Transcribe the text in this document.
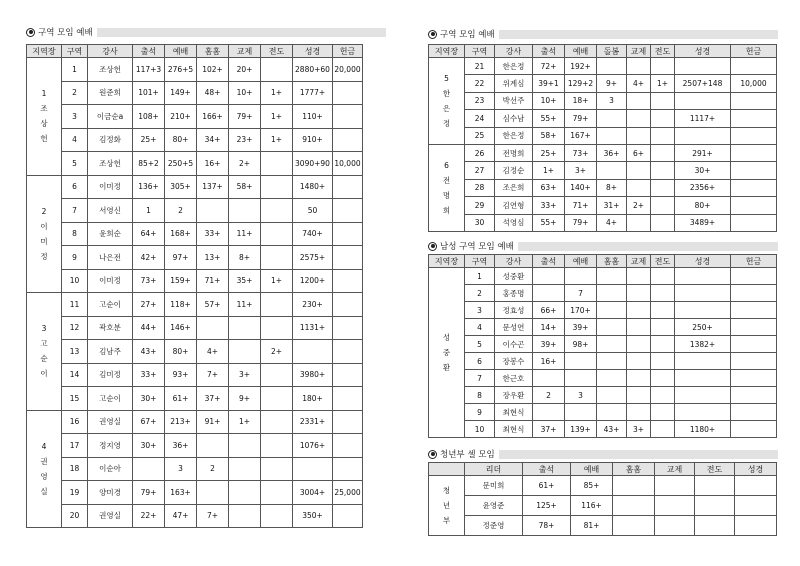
구역 모임 예배
지역장	구역	강사	출석	예배	홈홈	교제	전도	성경	헌금

1
조
상
헌	1	조상헌	117+3	276+5	102+	20+		2880+60	20,000
	2	원준희	101+	149+	48+	10+	1+	1777+	
	3	이금순a	108+	210+	166+	79+	1+	110+	
	4	김정화	25+	80+	34+	23+	1+	910+	
	5	조상헌	85+2	250+5	16+	2+		3090+90	10,000

2
이
미
정	6	이미정	136+	305+	137+	58+		1480+	
	7	서영신	1	2				50	
	8	윤희순	64+	168+	33+	11+		740+	
	9	나은전	42+	97+	13+	8+		2575+	
	10	이미정	73+	159+	71+	35+	1+	1200+	

3
고
순
이	11	고순이	27+	118+	57+	11+		230+	
	12	곽호분	44+	146+				1131+	
	13	김남주	43+	80+	4+		2+		
	14	김미정	33+	93+	7+	3+		3980+	
	15	고순이	30+	61+	37+	9+		180+	

4
권
영
실	16	권영실	67+	213+	91+	1+		2331+	
	17	정지영	30+	36+				1076+	
	18	이순아		3	2				
	19	양미경	79+	163+				3004+	25,000
	20	권영실	22+	47+	7+			350+	
구역 모임 예배
지역장	구역	강사	출석	예배	돌봄	교제	전도	성경	헌금

5
한
은
정	21	한은정	72+	192+					
	22	위계심	39+1	129+2	9+	4+	1+	2507+148	10,000
	23	박선주	10+	18+	3				
	24	심수남	55+	79+				1117+	
	25	한은정	58+	167+					

6
전
명
희	26	전명희	25+	73+	36+	6+		291+	
	27	김정순	1+	3+				30+	
	28	조은희	63+	140+	8+			2356+	
	29	김연형	33+	71+	31+	2+		80+	
	30	석영심	55+	79+	4+			3489+	
남성 구역 모임 예배
지역장	구역	강사	출석	예배	홈홈	교제	전도	성경	헌금

성
중
환	1	성중환							
	2	홍종명		7					
	3	정효성	66+	170+					
	4	문성연	14+	39+				250+	
	5	이수곤	39+	98+				1382+	
	6	장봉수	16+						
	7	한근호							
	8	장우환	2	3					
	9	최현식							
	10	최현식	37+	139+	43+	3+		1180+	
청년부 셀 모임
	리더	출석	예배	홈홈	교제	전도	성경

청
년
부	문미희	61+	85+				
	윤영준	125+	116+				
	정준영	78+	81+				
